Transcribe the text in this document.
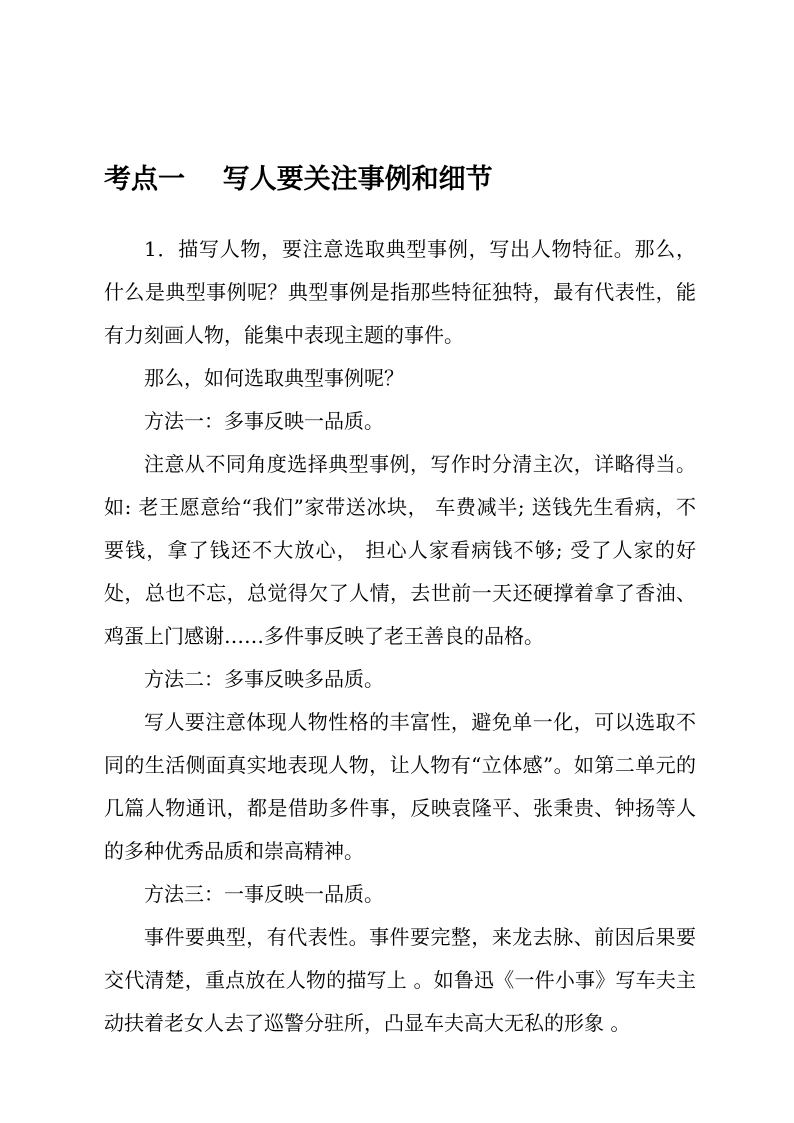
考点一    写人要关注事例和细节

1．描写人物，要注意选取典型事例，写出人物特征。那么，什么是典型事例呢？典型事例是指那些特征独特，最有代表性，能有力刻画人物，能集中表现主题的事件。

那么，如何选取典型事例呢？

方法一：多事反映一品质。

注意从不同角度选择典型事例，写作时分清主次，详略得当。如: 老王愿意给“我们”家带送冰块， 车费减半; 送钱先生看病，不要钱，拿了钱还不大放心， 担心人家看病钱不够; 受了人家的好处，总也不忘，总觉得欠了人情，去世前一天还硬撑着拿了香油、鸡蛋上门感谢……多件事反映了老王善良的品格。

方法二：多事反映多品质。

写人要注意体现人物性格的丰富性，避免单一化，可以选取不同的生活侧面真实地表现人物，让人物有“立体感”。如第二单元的几篇人物通讯，都是借助多件事，反映袁隆平、张秉贵、钟扬等人的多种优秀品质和崇高精神。

方法三：一事反映一品质。

事件要典型，有代表性。事件要完整，来龙去脉、前因后果要交代清楚，重点放在人物的描写上 。如鲁迅《一件小事》写车夫主动扶着老女人去了巡警分驻所，凸显车夫高大无私的形象 。
